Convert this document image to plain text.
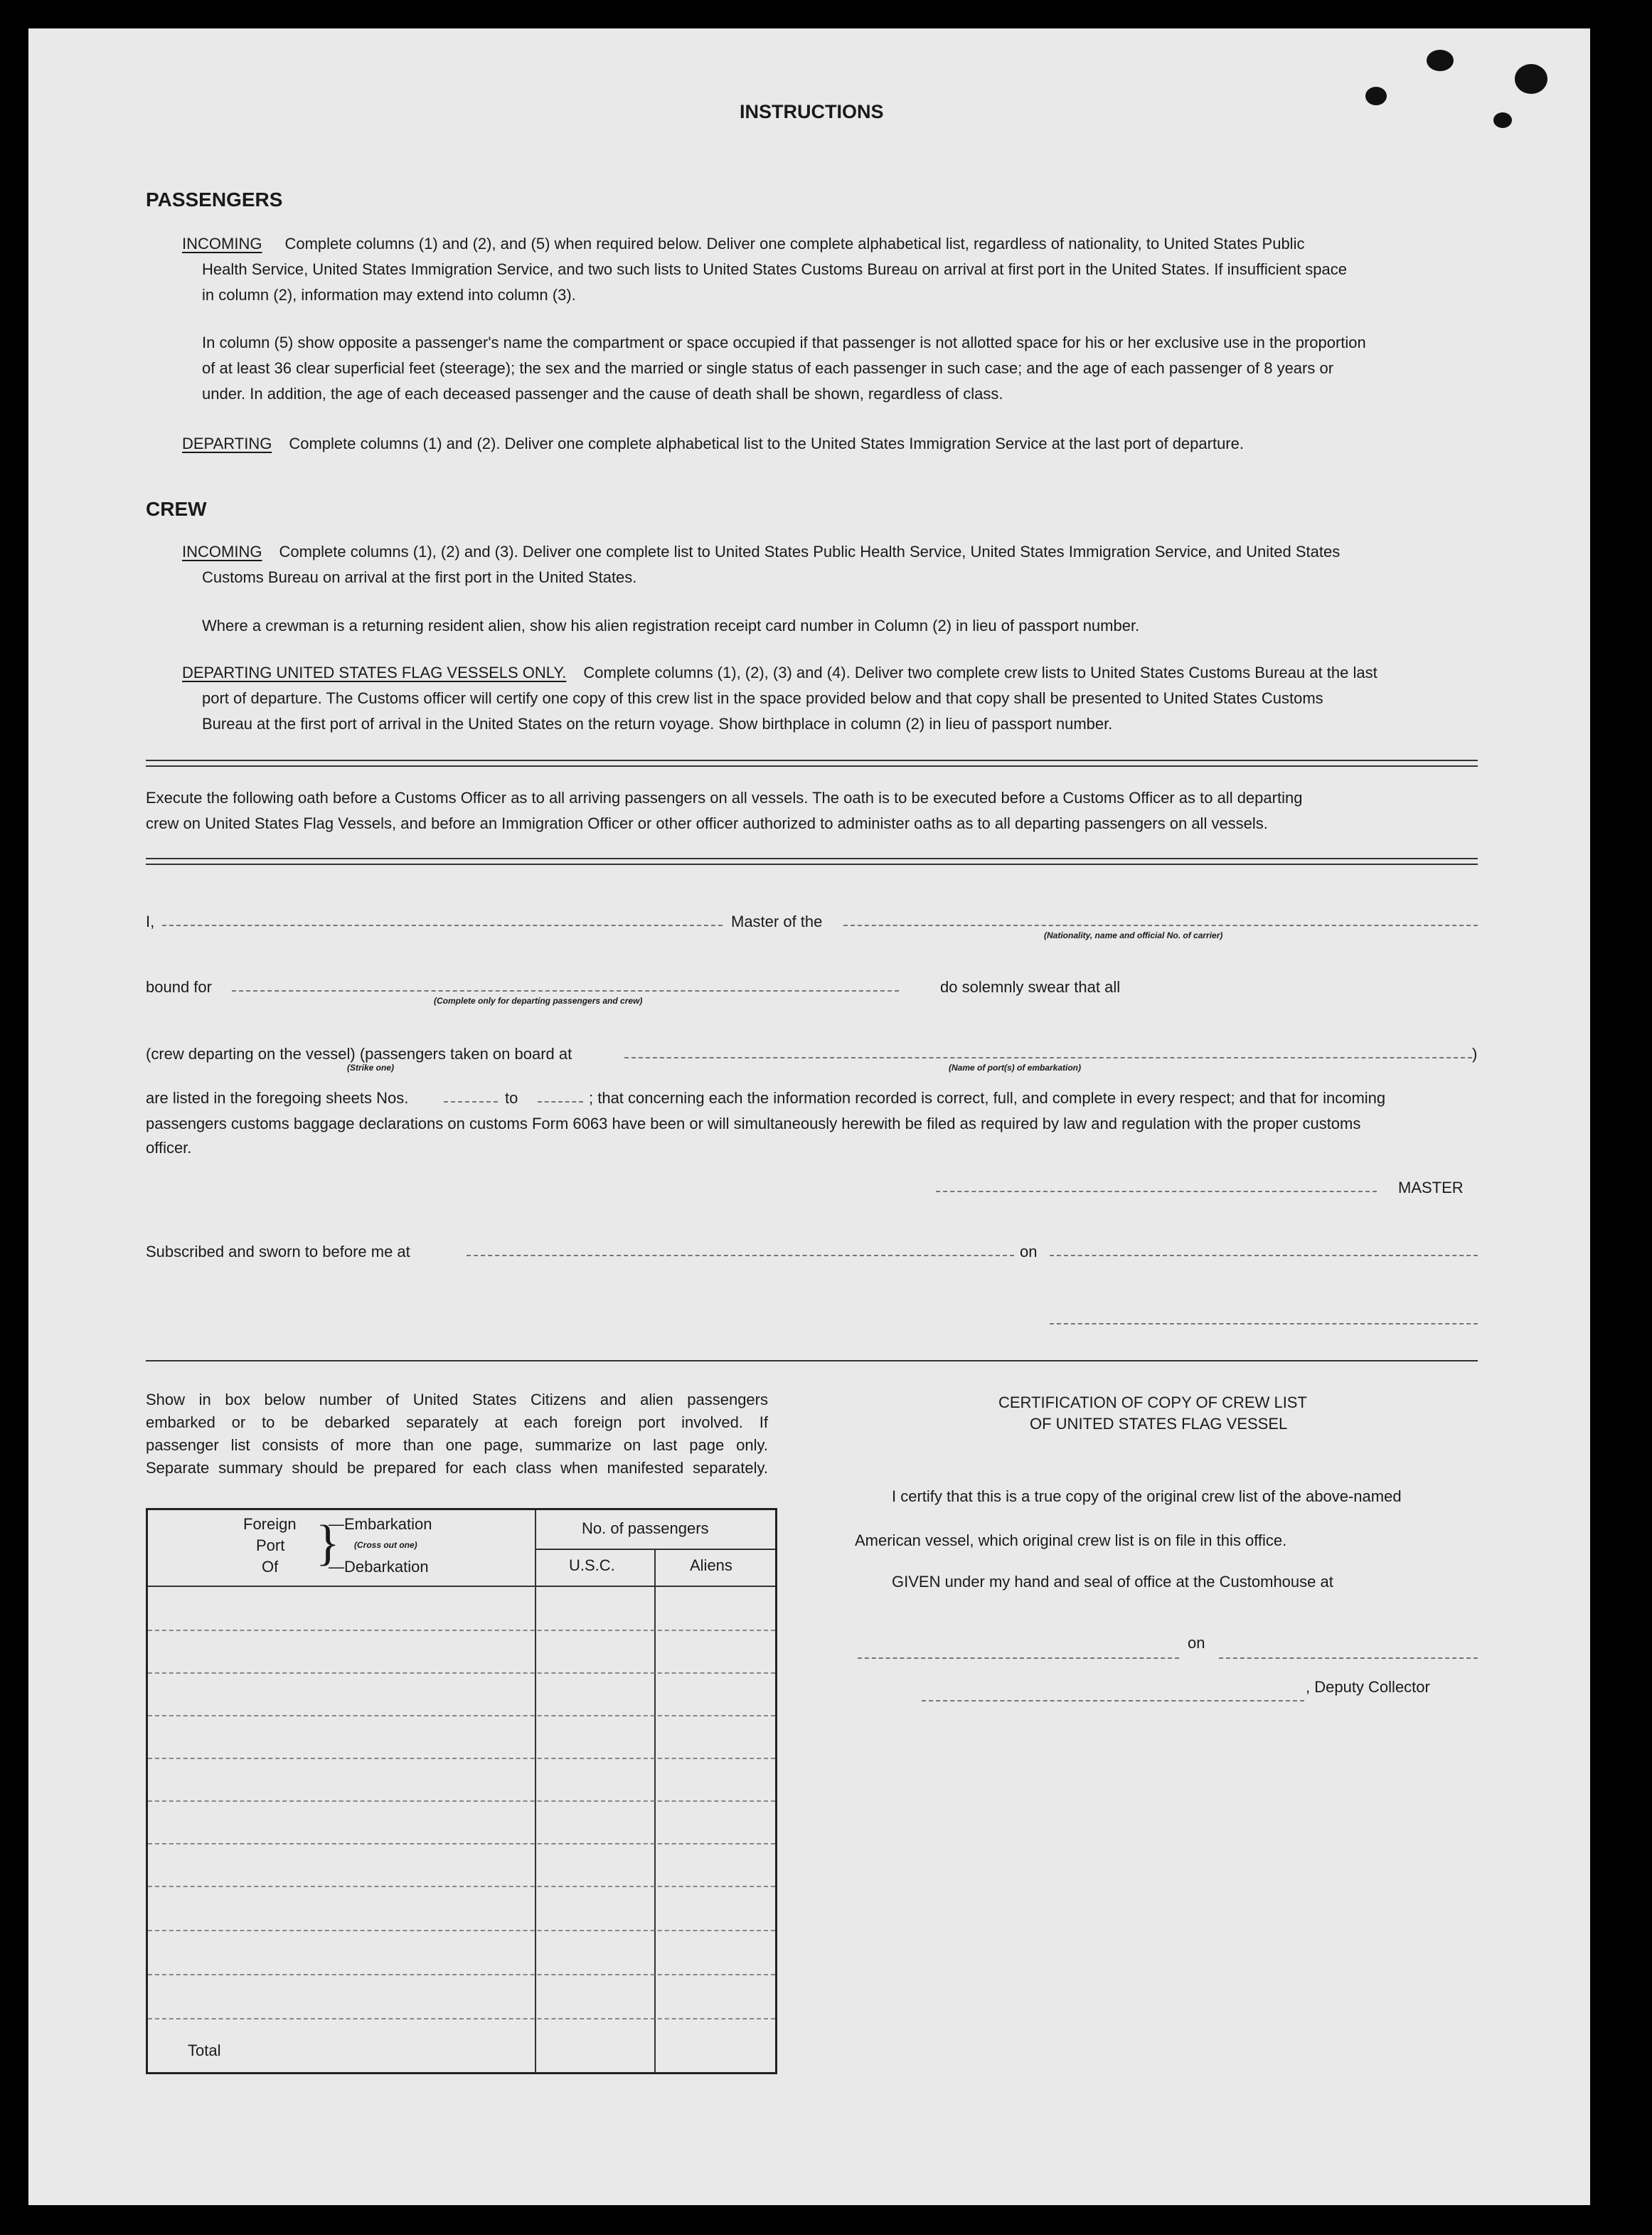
INSTRUCTIONS
PASSENGERS
INCOMING Complete columns (1) and (2), and (5) when required below. Deliver one complete alphabetical list, regardless of nationality, to United States Public
Health Service, United States Immigration Service, and two such lists to United States Customs Bureau on arrival at first port in the United States. If insufficient space
in column (2), information may extend into column (3).
In column (5) show opposite a passenger's name the compartment or space occupied if that passenger is not allotted space for his or her exclusive use in the proportion
of at least 36 clear superficial feet (steerage); the sex and the married or single status of each passenger in such case; and the age of each passenger of 8 years or
under. In addition, the age of each deceased passenger and the cause of death shall be shown, regardless of class.
DEPARTING Complete columns (1) and (2). Deliver one complete alphabetical list to the United States Immigration Service at the last port of departure.
CREW
INCOMING Complete columns (1), (2) and (3). Deliver one complete list to United States Public Health Service, United States Immigration Service, and United States
Customs Bureau on arrival at the first port in the United States.
Where a crewman is a returning resident alien, show his alien registration receipt card number in Column (2) in lieu of passport number.
DEPARTING UNITED STATES FLAG VESSELS ONLY. Complete columns (1), (2), (3) and (4). Deliver two complete crew lists to United States Customs Bureau at the last
port of departure. The Customs officer will certify one copy of this crew list in the space provided below and that copy shall be presented to United States Customs
Bureau at the first port of arrival in the United States on the return voyage. Show birthplace in column (2) in lieu of passport number.
Execute the following oath before a Customs Officer as to all arriving passengers on all vessels. The oath is to be executed before a Customs Officer as to all departing
crew on United States Flag Vessels, and before an Immigration Officer or other officer authorized to administer oaths as to all departing passengers on all vessels.
I,	Master of the
(Nationality, name and official No. of carrier)
bound for
(Complete only for departing passengers and crew)
do solemnly swear that all
(crew departing on the vessel) (passengers taken on board at	)
(Strike one)	(Name of port(s) of embarkation)
are listed in the foregoing sheets Nos.	to	; that concerning each the information recorded is correct, full, and complete in every respect; and that for incoming
passengers customs baggage declarations on customs Form 6063 have been or will simultaneously herewith be filed as required by law and regulation with the proper customs
officer.
MASTER
Subscribed and sworn to before me at	on
Show in box below number of United States Citizens and alien passengers
embarked or to be debarked separately at each foreign port involved. If
passenger list consists of more than one page, summarize on last page only.
Separate summary should be prepared for each class when manifested separately.
Foreign
Port
Of }
—Embarkation
(Cross out one)
—Debarkation
No. of passengers
U.S.C.	Aliens
Total
CERTIFICATION OF COPY OF CREW LIST
OF UNITED STATES FLAG VESSEL
I certify that this is a true copy of the original crew list of the above-named
American vessel, which original crew list is on file in this office.
GIVEN under my hand and seal of office at the Customhouse at
on
, Deputy Collector
